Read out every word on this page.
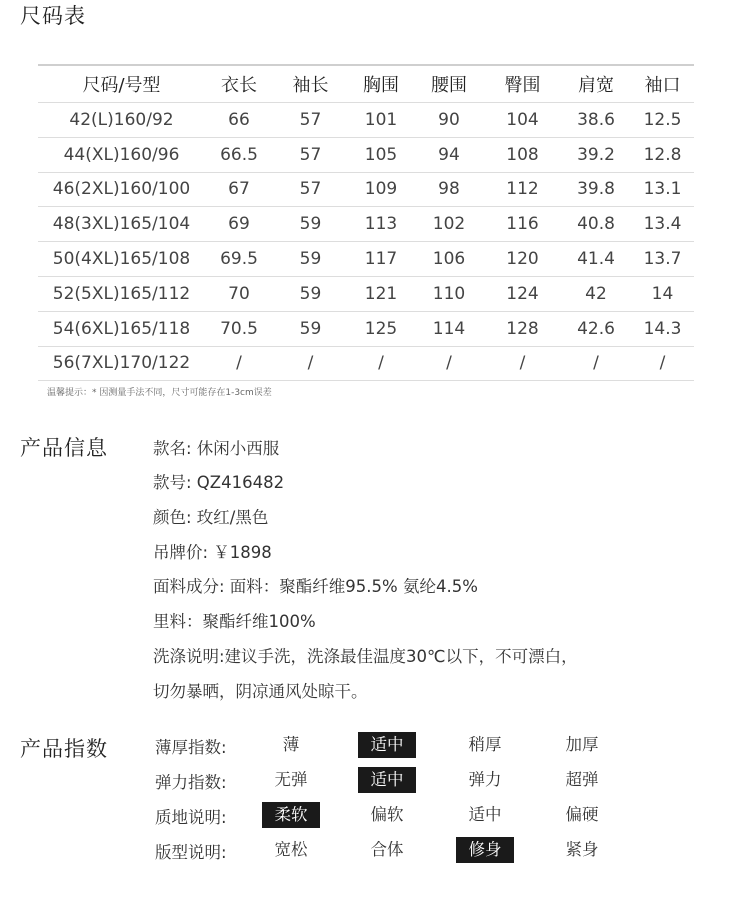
尺码表
尺码/号型	衣长	袖长	胸围	腰围	臀围	肩宽	袖口
42(L)160/92	66	57	101	90	104	38.6	12.5
44(XL)160/96	66.5	57	105	94	108	39.2	12.8
46(2XL)160/100	67	57	109	98	112	39.8	13.1
48(3XL)165/104	69	59	113	102	116	40.8	13.4
50(4XL)165/108	69.5	59	117	106	120	41.4	13.7
52(5XL)165/112	70	59	121	110	124	42	14
54(6XL)165/118	70.5	59	125	114	128	42.6	14.3
56(7XL)170/122	/	/	/	/	/	/	/
温馨提示：* 因测量手法不同，尺寸可能存在1-3cm误差
产品信息	款名: 休闲小西服
款号: QZ416482
颜色: 玫红/黑色
吊牌价: ￥1898
面料成分: 面料：聚酯纤维95.5% 氨纶4.5%
里料：聚酯纤维100%
洗涤说明:建议手洗，洗涤最佳温度30℃以下，不可漂白，
切勿暴晒，阴凉通风处晾干。
产品指数	薄厚指数:	薄	适中	稍厚	加厚
弹力指数:	无弹	适中	弹力	超弹
质地说明:	柔软	偏软	适中	偏硬
版型说明:	宽松	合体	修身	紧身
